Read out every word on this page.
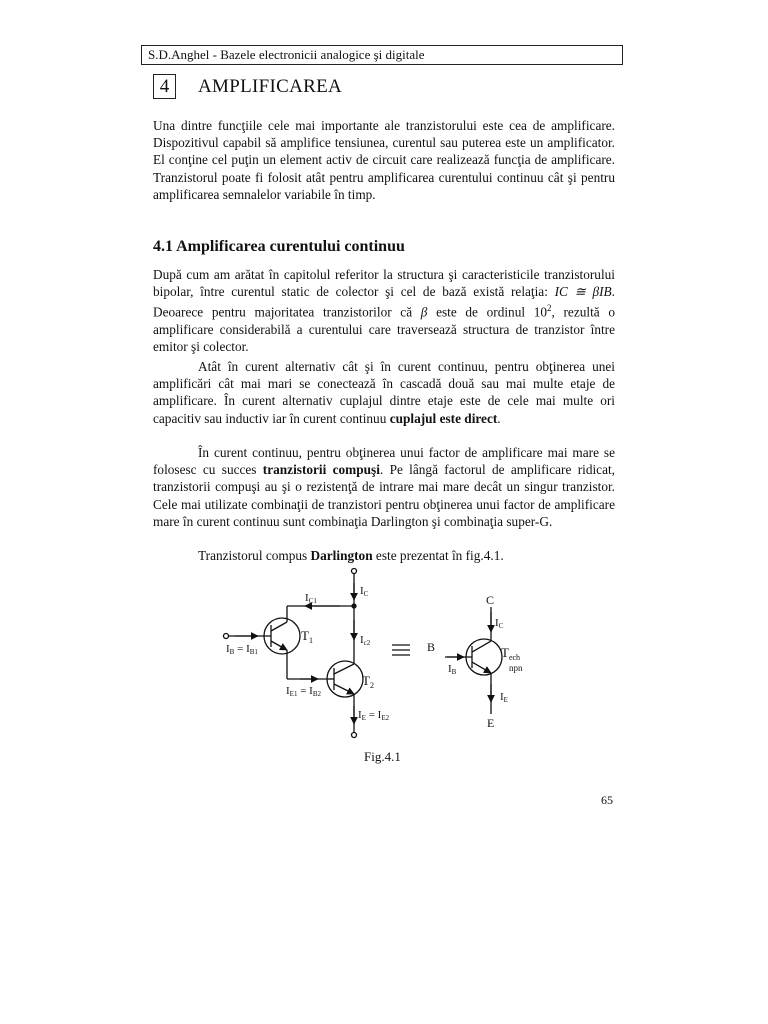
S.D.Anghel - Bazele electronicii analogice şi digitale
4	AMPLIFICAREA

Una dintre funcţiile cele mai importante ale tranzistorului este cea de amplificare. Dispozitivul capabil să amplifice tensiunea, curentul sau puterea este un amplificator. El conţine cel puţin un element activ de circuit care realizează funcţia de amplificare. Tranzistorul poate fi folosit atât pentru amplificarea curentului continuu cât şi pentru amplificarea semnalelor variabile în timp.

4.1 Amplificarea curentului continuu

După cum am arătat în capitolul referitor la structura şi caracteristicile tranzistorului bipolar, între curentul static de colector şi cel de bază există relaţia: IC ≅ βIB. Deoarece pentru majoritatea tranzistorilor că β este de ordinul $10^2$, rezultă o amplificare considerabilă a curentului care traversează structura de tranzistor între emitor şi colector.

Atât în curent alternativ cât şi în curent continuu, pentru obţinerea unei amplificări cât mai mari se conectează în cascadă două sau mai multe etaje de amplificare. În curent alternativ cuplajul dintre etaje este de cele mai multe ori capacitiv sau inductiv iar în curent continuu cuplajul este direct.

În curent continuu, pentru obţinerea unui factor de amplificare mai mare se folosesc cu succes tranzistorii compuşi. Pe lângă factorul de amplificare ridicat, tranzistorii compuşi au şi o rezistenţă de intrare mai mare decât un singur tranzistor. Cele mai utilizate combinaţii de tranzistori pentru obţinerea unui factor de amplificare mare în curent continuu sunt combinaţia Darlington şi combinaţia super-G.

Tranzistorul compus Darlington este prezentat în fig.4.1.

IC
IC1
Ic2
$T_1$
$T_2$
IB = IB1
IE1 = IB2
IE = IE2
C
B
E
IC
IB
IE
$T_{ech}$
npn
Fig.4.1
65
